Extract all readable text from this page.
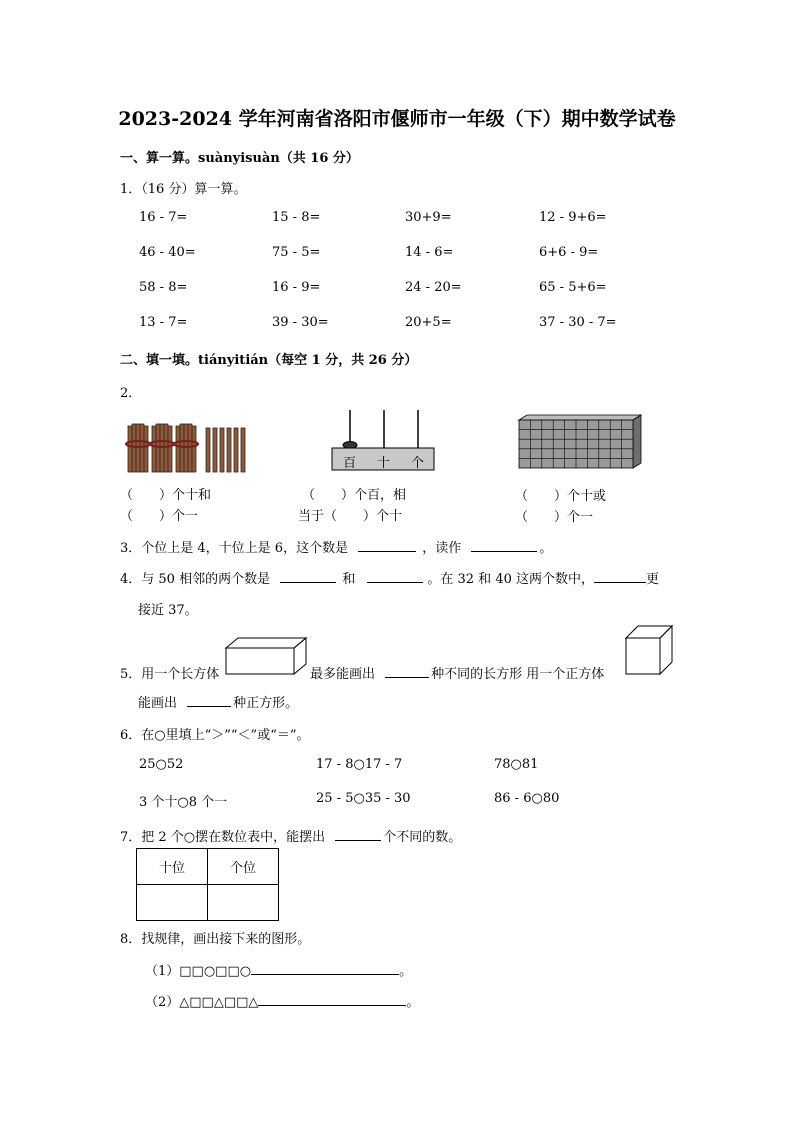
2023-2024 学年河南省洛阳市偃师市一年级（下）期中数学试卷
一、算一算。suànyisuàn（共 16 分）
1．（16 分）算一算。
16 - 7=	15 - 8=	30+9=	12 - 9+6=
46 - 40=	75 - 5=	14 - 6=	6+6 - 9=
58 - 8=	16 - 9=	24 - 20=	65 - 5+6=
13 - 7=	39 - 30=	20+5=	37 - 30 - 7=
二、填一填。tiányitián（每空 1 分，共 26 分）
2．
百 十 个
（　　）个十和
（　　）个一
（　　）个百，相
当于（　　）个十
（　　）个十或
（　　）个一
3．个位上是 4，十位上是 6，这个数是	，读作	。
4．与 50 相邻的两个数是	和	。在 32 和 40 这两个数中，	更
接近 37。
5．用一个长方体	最多能画出	种不同的长方形 用一个正方体
能画出	种正方形。
6．在○里填上“＞”“＜”或“＝”。
25○52	17 - 8○17 - 7	78○81
3 个十○8 个一	25 - 5○35 - 30	86 - 6○80
7．把 2 个○摆在数位表中，能摆出	个不同的数。
十位	个位

8．找规律，画出接下来的图形。
（1）□□○□□○	。
（2）△□□△□□△	。
